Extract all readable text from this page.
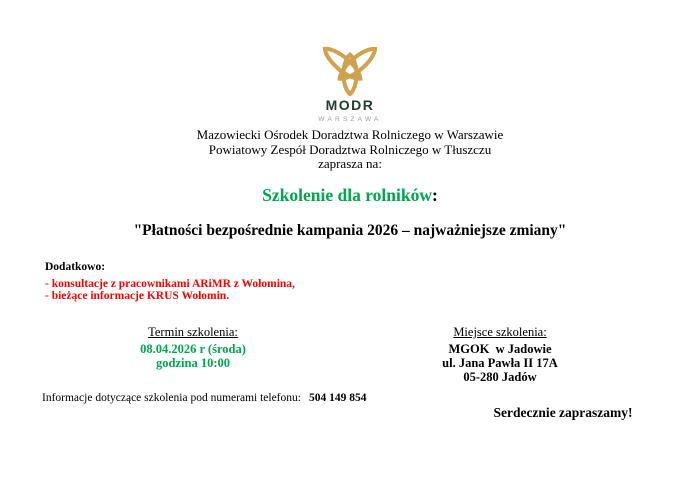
MODR
WARSZAWA
Mazowiecki Ośrodek Doradztwa Rolniczego w Warszawie
Powiatowy Zespół Doradztwa Rolniczego w Tłuszczu
zaprasza na:
Szkolenie dla rolników:
"Płatności bezpośrednie kampania 2026 – najważniejsze zmiany"
Dodatkowo:
- konsultacje z pracownikami ARiMR z Wołomina,
- bieżące informacje KRUS Wołomin.
Termin szkolenia:
08.04.2026 r (środa)
godzina 10:00
Miejsce szkolenia:
MGOK  w Jadowie
ul. Jana Pawła II 17A
05-280 Jadów
Informacje dotyczące szkolenia pod numerami telefonu: 504 149 854
Serdecznie zapraszamy!
